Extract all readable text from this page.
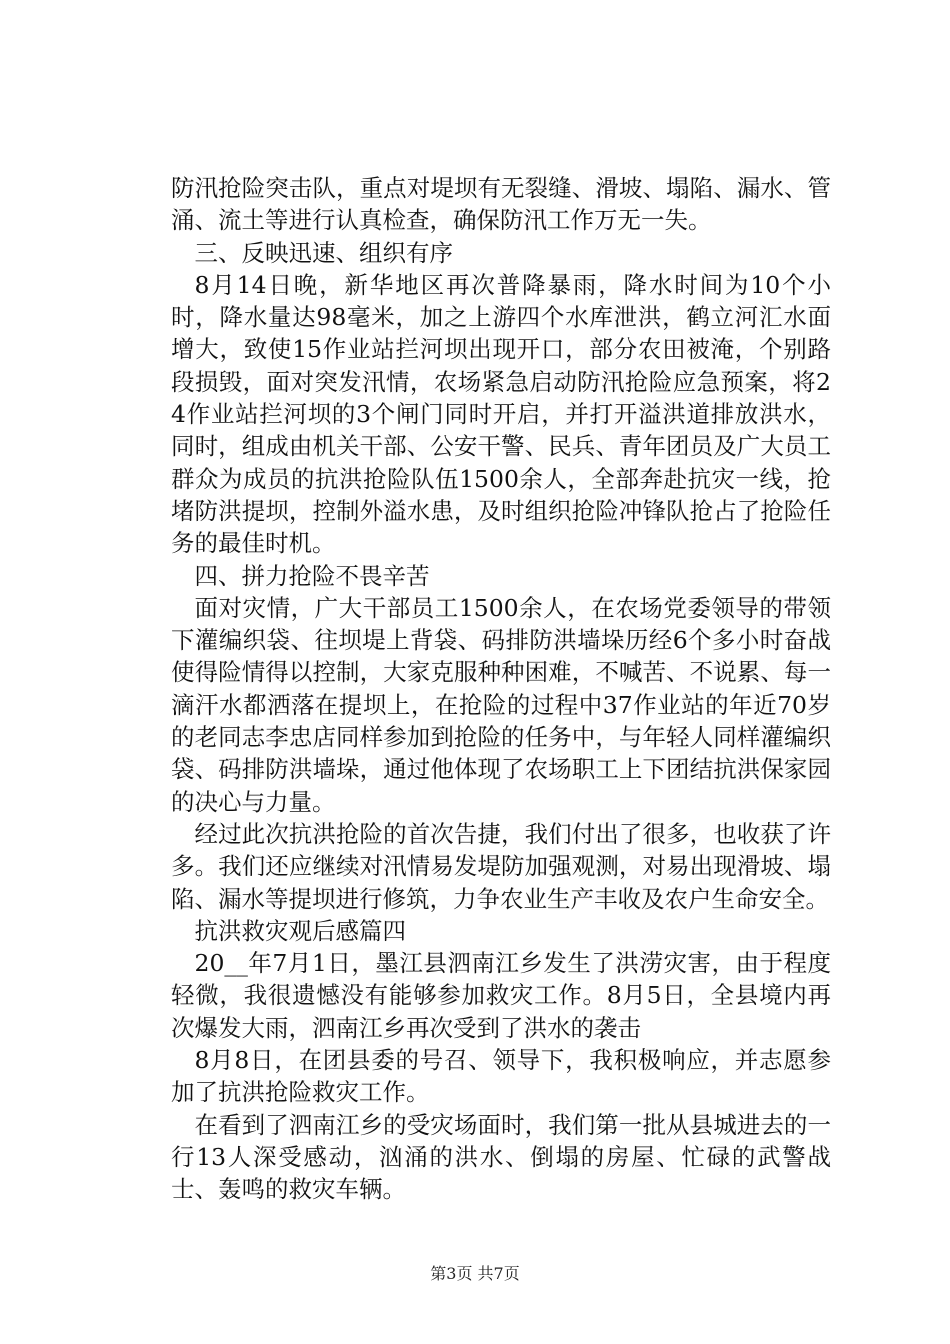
防汛抢险突击队，重点对堤坝有无裂缝、滑坡、塌陷、漏水、管涌、流土等进行认真检查，确保防汛工作万无一失。

三、反映迅速、组织有序

8月14日晚，新华地区再次普降暴雨，降水时间为10个小时，降水量达98毫米，加之上游四个水库泄洪，鹤立河汇水面增大，致使15作业站拦河坝出现开口，部分农田被淹，个别路段损毁，面对突发汛情，农场紧急启动防汛抢险应急预案，将24作业站拦河坝的3个闸门同时开启，并打开溢洪道排放洪水，同时，组成由机关干部、公安干警、民兵、青年团员及广大员工群众为成员的抗洪抢险队伍1500余人，全部奔赴抗灾一线，抢堵防洪提坝，控制外溢水患，及时组织抢险冲锋队抢占了抢险任务的最佳时机。

四、拼力抢险不畏辛苦

面对灾情，广大干部员工1500余人，在农场党委领导的带领下灌编织袋、往坝堤上背袋、码排防洪墙垛历经6个多小时奋战使得险情得以控制，大家克服种种困难，不喊苦、不说累、每一滴汗水都洒落在提坝上，在抢险的过程中37作业站的年近70岁的老同志李忠店同样参加到抢险的任务中，与年轻人同样灌编织袋、码排防洪墙垛，通过他体现了农场职工上下团结抗洪保家园的决心与力量。

经过此次抗洪抢险的首次告捷，我们付出了很多，也收获了许多。我们还应继续对汛情易发堤防加强观测，对易出现滑坡、塌陷、漏水等提坝进行修筑，力争农业生产丰收及农户生命安全。

抗洪救灾观后感篇四

20__年7月1日，墨江县泗南江乡发生了洪涝灾害，由于程度轻微，我很遗憾没有能够参加救灾工作。8月5日，全县境内再次爆发大雨，泗南江乡再次受到了洪水的袭击

8月8日，在团县委的号召、领导下，我积极响应，并志愿参加了抗洪抢险救灾工作。

在看到了泗南江乡的受灾场面时，我们第一批从县城进去的一行13人深受感动，汹涌的洪水、倒塌的房屋、忙碌的武警战士、轰鸣的救灾车辆。

第3页 共7页
